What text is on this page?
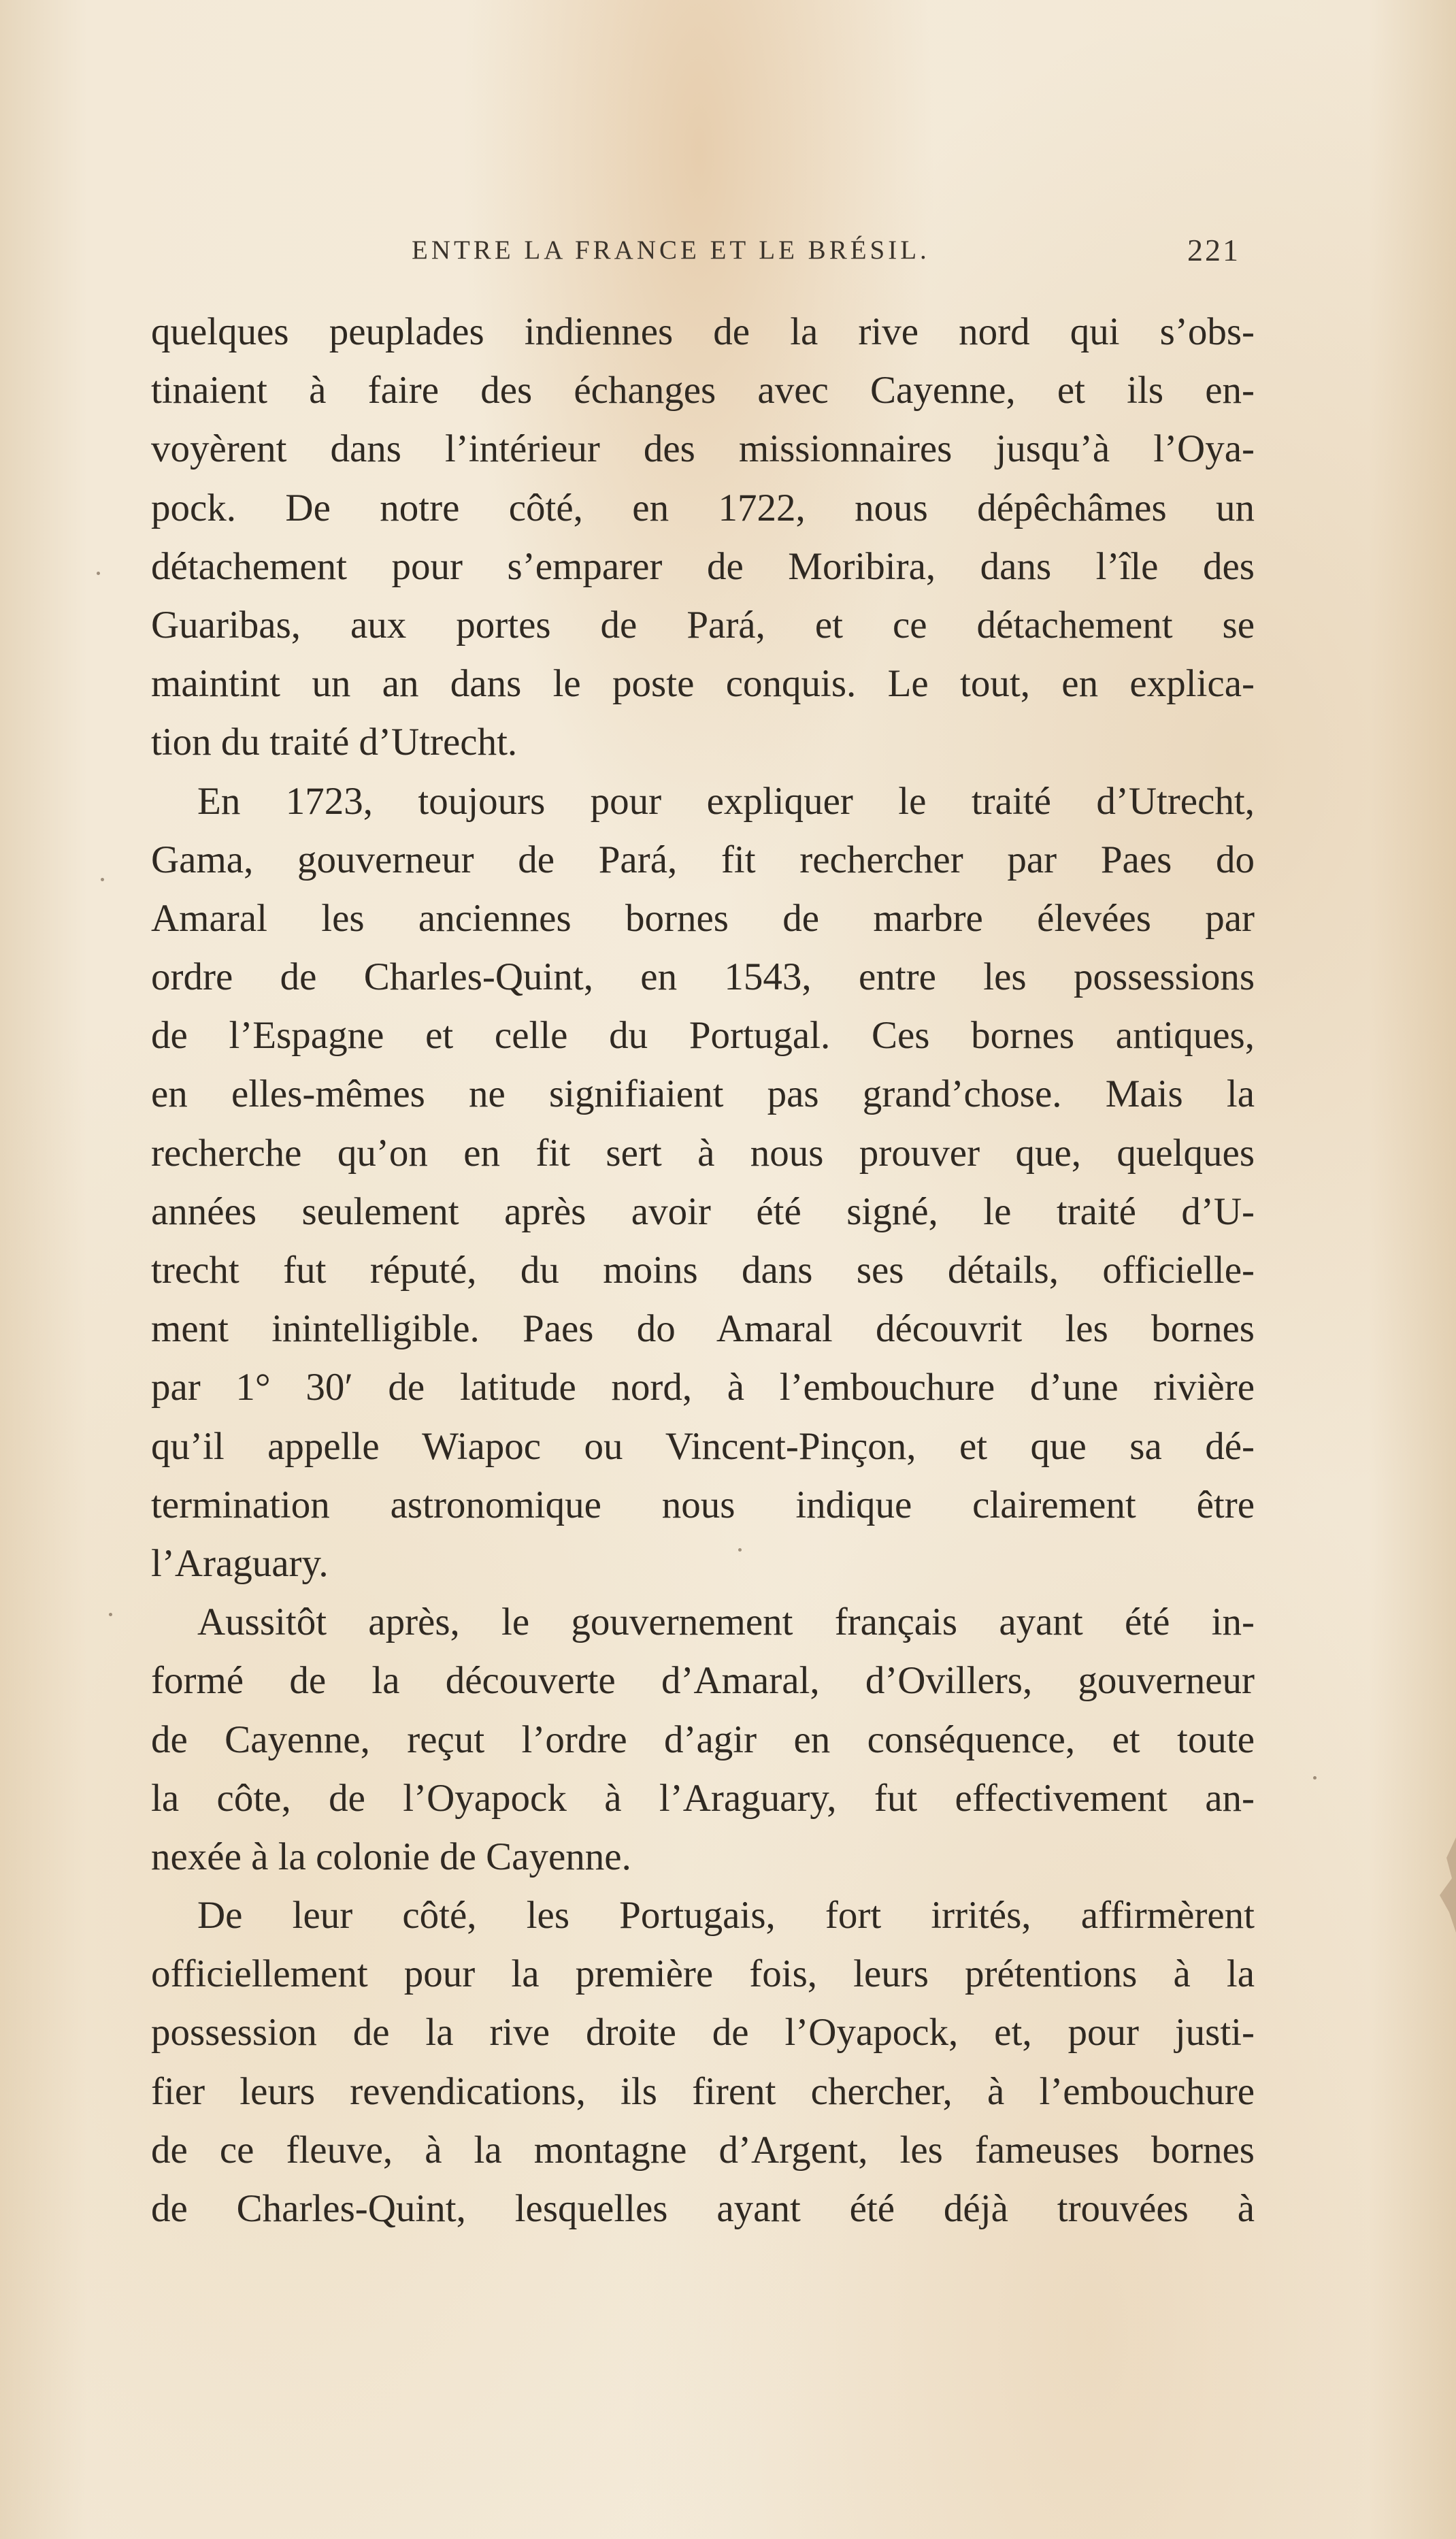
ENTRE LA FRANCE ET LE BRÉSIL.	221

quelques peuplades indiennes de la rive nord qui s’obs-
tinaient à faire des échanges avec Cayenne, et ils en-
voyèrent dans l’intérieur des missionnaires jusqu’à l’Oya-
pock. De notre côté, en 1722, nous dépêchâmes un
détachement pour s’emparer de Moribira, dans l’île des
Guaribas, aux portes de Pará, et ce détachement se
maintint un an dans le poste conquis. Le tout, en explica-
tion du traité d’Utrecht.

En 1723, toujours pour expliquer le traité d’Utrecht,
Gama, gouverneur de Pará, fit rechercher par Paes do
Amaral les anciennes bornes de marbre élevées par
ordre de Charles-Quint, en 1543, entre les possessions
de l’Espagne et celle du Portugal. Ces bornes antiques,
en elles-mêmes ne signifiaient pas grand’chose. Mais la
recherche qu’on en fit sert à nous prouver que, quelques
années seulement après avoir été signé, le traité d’U-
trecht fut réputé, du moins dans ses détails, officielle-
ment inintelligible. Paes do Amaral découvrit les bornes
par 1° 30′ de latitude nord, à l’embouchure d’une rivière
qu’il appelle Wiapoc ou Vincent-Pinçon, et que sa dé-
termination astronomique nous indique clairement être
l’Araguary.

Aussitôt après, le gouvernement français ayant été in-
formé de la découverte d’Amaral, d’Ovillers, gouverneur
de Cayenne, reçut l’ordre d’agir en conséquence, et toute
la côte, de l’Oyapock à l’Araguary, fut effectivement an-
nexée à la colonie de Cayenne.

De leur côté, les Portugais, fort irrités, affirmèrent
officiellement pour la première fois, leurs prétentions à la
possession de la rive droite de l’Oyapock, et, pour justi-
fier leurs revendications, ils firent chercher, à l’embouchure
de ce fleuve, à la montagne d’Argent, les fameuses bornes
de Charles-Quint, lesquelles ayant été déjà trouvées à
